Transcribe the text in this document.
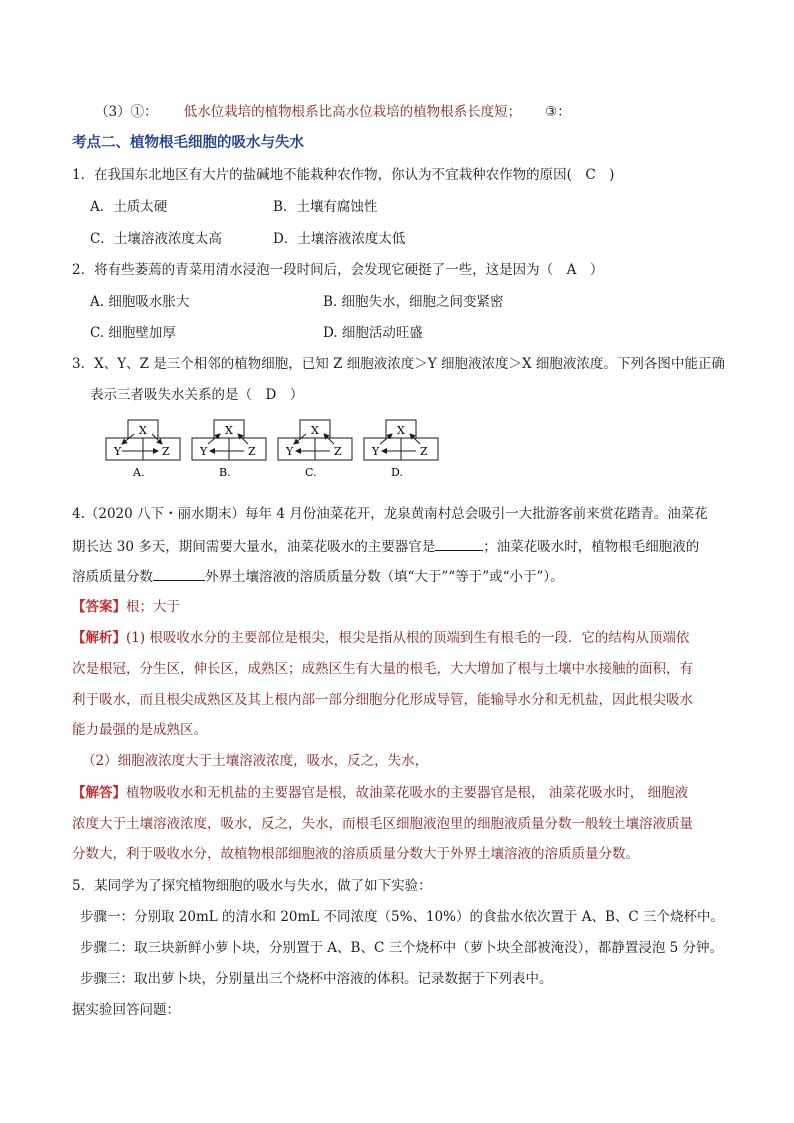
（3）①： 低水位栽培的植物根系比高水位栽培的植物根系长度短； ③：
考点二、植物根毛细胞的吸水与失水
1．在我国东北地区有大片的盐碱地不能栽种农作物，你认为不宜栽种农作物的原因(　C　)
A．土质太硬	B．土壤有腐蚀性
C．土壤溶液浓度太高	D．土壤溶液浓度太低
2．将有些萎蔫的青菜用清水浸泡一段时间后，会发现它硬挺了一些，这是因为（　A　）
A. 细胞吸水胀大	B. 细胞失水，细胞之间变紧密
C. 细胞壁加厚	D. 细胞活动旺盛
3．X、Y、Z 是三个相邻的植物细胞，已知 Z 细胞液浓度＞Y 细胞液浓度＞X 细胞液浓度。下列各图中能正确
表示三者吸失水关系的是（　D　）
X
Y	Z
A.
X
Y	Z
B.
X
Y	Z
C.
X
Y	Z
D.
4.（2020 八下・丽水期末）每年 4 月份油菜花开，龙泉黄南村总会吸引一大批游客前来赏花踏青。油菜花
期长达 30 多天，期间需要大量水，油菜花吸水的主要器官是	；油菜花吸水时，植物根毛细胞液的
溶质质量分数	外界土壤溶液的溶质质量分数（填“大于”“等于”或“小于”）。
【答案】根；大于
【解析】(1) 根吸收水分的主要部位是根尖，根尖是指从根的顶端到生有根毛的一段．它的结构从顶端依
次是根冠，分生区，伸长区，成熟区；成熟区生有大量的根毛，大大增加了根与土壤中水接触的面积，有
利于吸水，而且根尖成熟区及其上根内部一部分细胞分化形成导管，能输导水分和无机盐，因此根尖吸水
能力最强的是成熟区。
（2）细胞液浓度大于土壤溶液浓度，吸水，反之，失水，
【解答】植物吸收水和无机盐的主要器官是根，故油菜花吸水的主要器官是根， 油菜花吸水时， 细胞液
浓度大于土壤溶液浓度，吸水，反之，失水，而根毛区细胞液泡里的细胞液质量分数一般较土壤溶液质量
分数大，利于吸收水分，故植物根部细胞液的溶质质量分数大于外界土壤溶液的溶质质量分数。
5．某同学为了探究植物细胞的吸水与失水，做了如下实验：
步骤一：分别取 20mL 的清水和 20mL 不同浓度（5%、10%）的食盐水依次置于 A、B、C 三个烧杯中。
步骤二：取三块新鲜小萝卜块，分别置于 A、B、C 三个烧杯中（萝卜块全部被淹没），都静置浸泡 5 分钟。
步骤三：取出萝卜块，分别量出三个烧杯中溶液的体积。记录数据于下列表中。
据实验回答问题：
